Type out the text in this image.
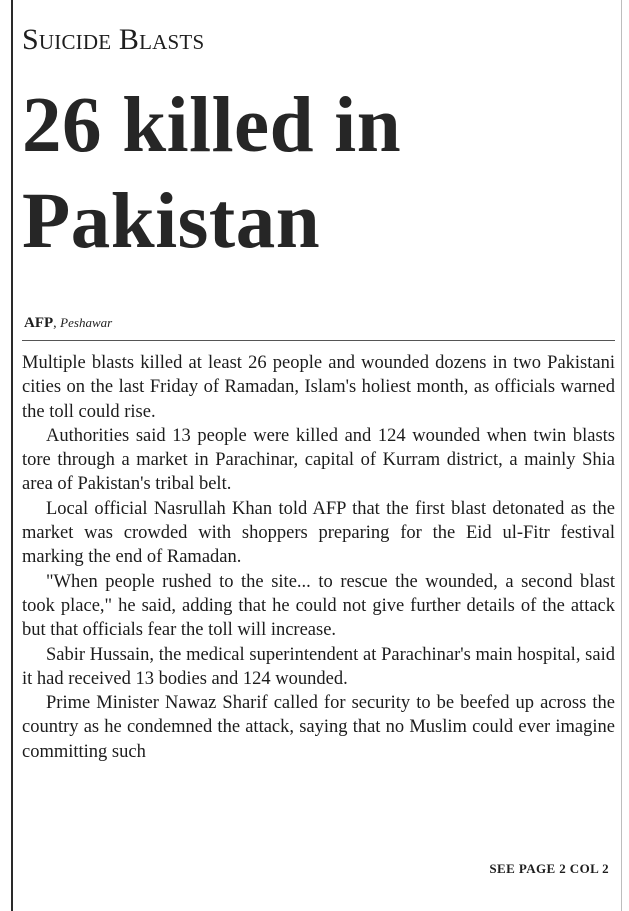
Suicide Blasts
26 killed in Pakistan
AFP, Peshawar

Multiple blasts killed at least 26 people and wounded dozens in two Pakistani cities on the last Friday of Ramadan, Islam's holiest month, as officials warned the toll could rise.

Authorities said 13 people were killed and 124 wounded when twin blasts tore through a market in Parachinar, capital of Kurram district, a mainly Shia area of Pakistan's tribal belt.

Local official Nasrullah Khan told AFP that the first blast detonated as the market was crowded with shoppers preparing for the Eid ul-Fitr festival marking the end of Ramadan.

"When people rushed to the site... to rescue the wounded, a second blast took place," he said, adding that he could not give further details of the attack but that officials fear the toll will increase.

Sabir Hussain, the medical superintendent at Parachinar's main hospital, said it had received 13 bodies and 124 wounded.

Prime Minister Nawaz Sharif called for security to be beefed up across the country as he condemned the attack, saying that no Muslim could ever imagine committing such

SEE PAGE 2 COL 2
